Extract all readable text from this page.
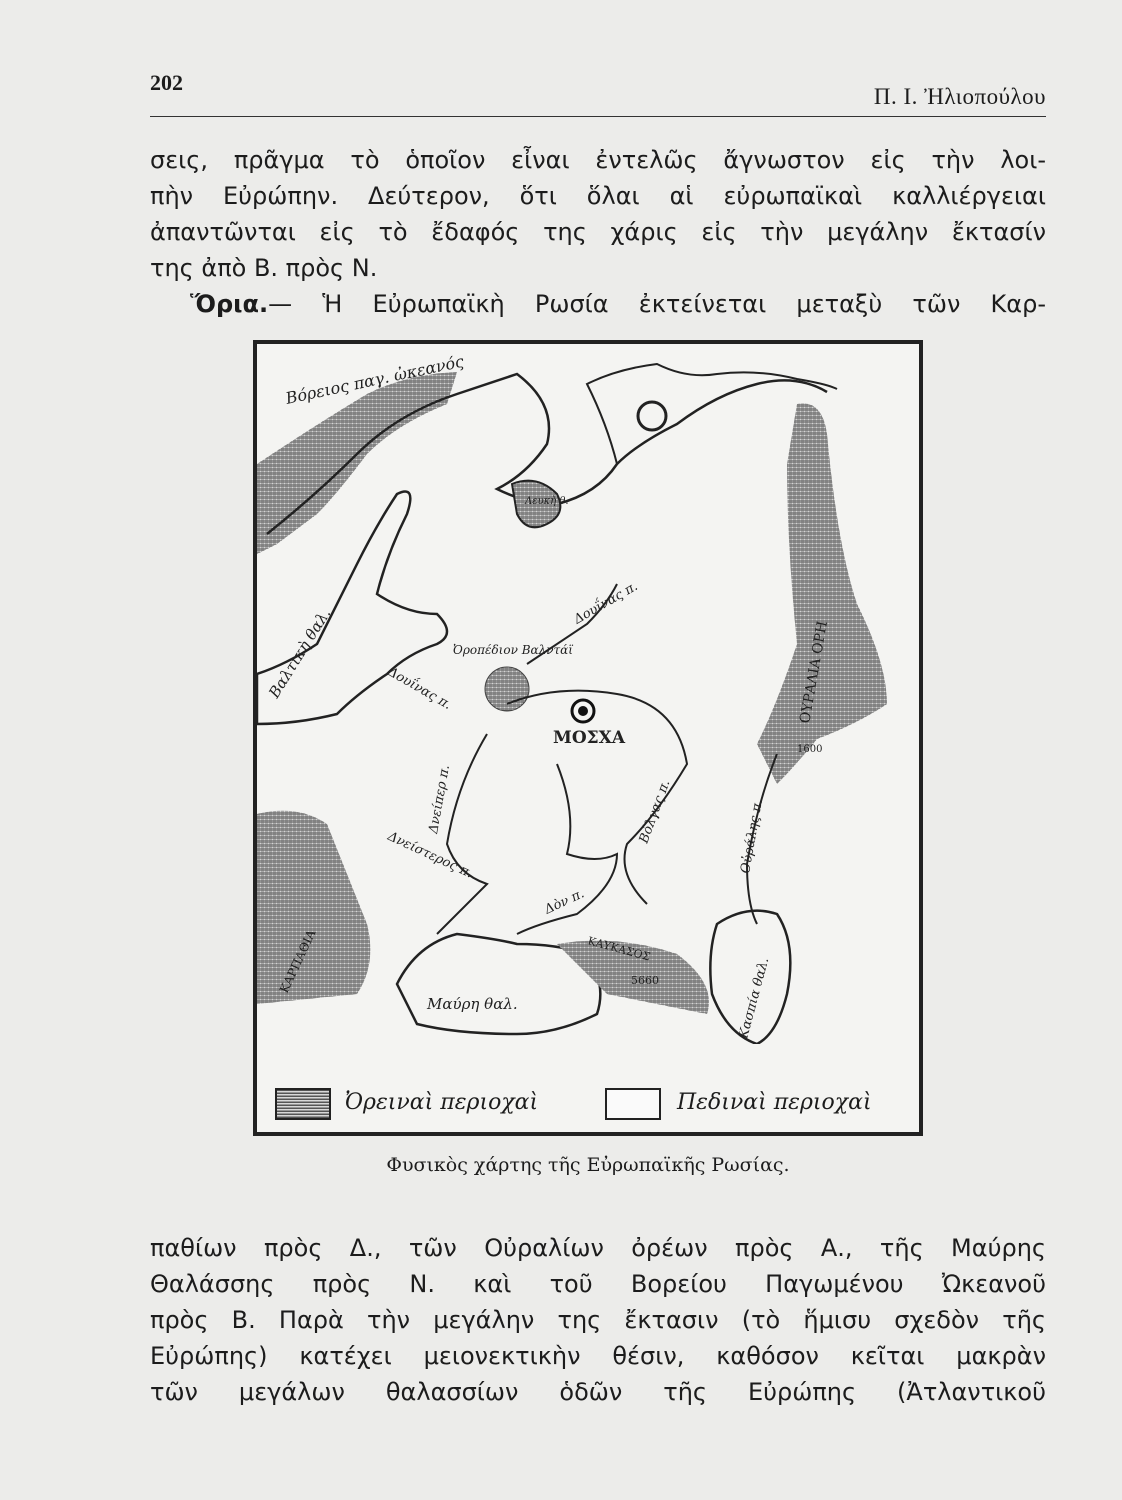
202
Π. Ι. Ἠλιοπούλου
σεις, πρᾶγμα τὸ ὁποῖον εἶναι ἐντελῶς ἄγνωστον εἰς τὴν λοι-
πὴν Εὐρώπην. Δεύτερον, ὅτι ὅλαι αἱ εὐρωπαϊκαὶ καλλιέργειαι
ἀπαντῶνται εἰς τὸ ἔδαφός της χάρις εἰς τὴν μεγάλην ἔκτασίν
της ἀπὸ Β. πρὸς Ν.
Ὅρια.— Ἡ Εὐρωπαϊκὴ Ρωσία ἐκτείνεται μεταξὺ τῶν Καρ-
Βόρειος παγ. ὠκεανός
Λευκὴ θ.
Βαλτικὴ θαλ.	Ὀροπέδιον Βαλντάϊ
Δουΐνας π.
Δουΐνας π.
ΜΟΣΧΑ
Δνείπερ π.
Δνείστερος π.
Βόλγας π.
Δὸν π.
ΟΥΡΑΛΙΑ ΟΡΗ
Οὐράλης π.
1600
ΚΑΡΠΑΘΙΑ	ΚΑΥΚΑΣΟΣ
5660
Μαύρη θαλ.	Κασπία θαλ.
Ὀρειναὶ περιοχαὶ	Πεδιναὶ περιοχαὶ
Φυσικὸς χάρτης τῆς Εὐρωπαϊκῆς Ρωσίας.
παθίων πρὸς Δ., τῶν Οὐραλίων ὀρέων πρὸς Α., τῆς Μαύρης
Θαλάσσης πρὸς Ν. καὶ τοῦ Βορείου Παγωμένου Ὠκεανοῦ
πρὸς Β. Παρὰ τὴν μεγάλην της ἔκτασιν (τὸ ἥμισυ σχεδὸν τῆς
Εὐρώπης) κατέχει μειονεκτικὴν θέσιν, καθόσον κεῖται μακρὰν
τῶν μεγάλων θαλασσίων ὁδῶν τῆς Εὐρώπης (Ἀτλαντικοῦ
